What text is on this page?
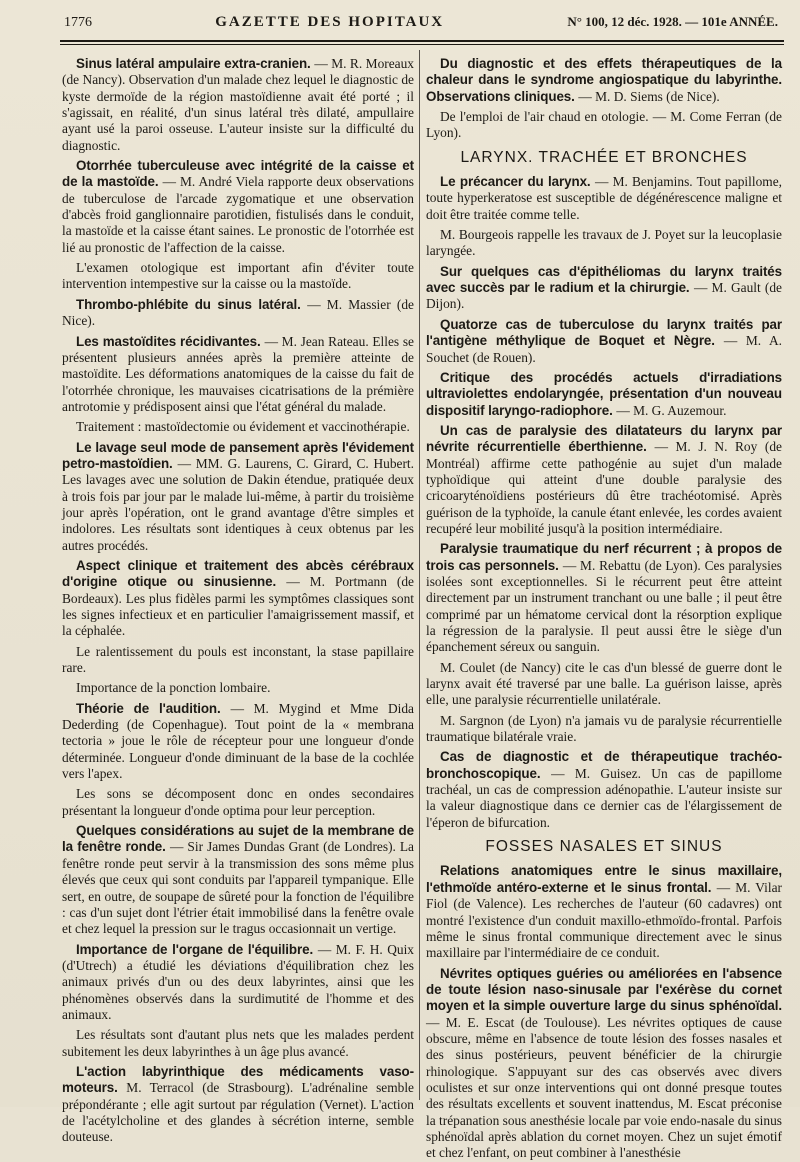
1776	GAZETTE DES HOPITAUX	N° 100, 12 déc. 1928. — 101e ANNÉE.

Sinus latéral ampulaire extra-cranien. — M. R. Moreaux (de Nancy). Observation d'un malade chez lequel le diagnostic de kyste dermoïde de la région mastoïdienne avait été porté ; il s'agissait, en réalité, d'un sinus latéral très dilaté, ampullaire ayant usé la paroi osseuse. L'auteur insiste sur la difficulté du diagnostic.

Otorrhée tuberculeuse avec intégrité de la caisse et de la mastoïde. — M. André Viela rapporte deux observations de tuberculose de l'arcade zygomatique et une observation d'abcès froid ganglionnaire parotidien, fistulisés dans le conduit, la mastoïde et la caisse étant saines. Le pronostic de l'otorrhée est lié au pronostic de l'affection de la caisse.

L'examen otologique est important afin d'éviter toute intervention intempestive sur la caisse ou la mastoïde.

Thrombo-phlébite du sinus latéral. — M. Massier (de Nice).

Les mastoïdites récidivantes. — M. Jean Rateau. Elles se présentent plusieurs années après la première atteinte de mastoïdite. Les déformations anatomiques de la caisse du fait de l'otorrhée chronique, les mauvaises cicatrisations de la prémière antrotomie y prédisposent ainsi que l'état général du malade.

Traitement : mastoïdectomie ou évidement et vaccinothérapie.

Le lavage seul mode de pansement après l'évidement petro-mastoïdien. — MM. G. Laurens, C. Girard, C. Hubert. Les lavages avec une solution de Dakin étendue, pratiquée deux à trois fois par jour par le malade lui-même, à partir du troisième jour après l'opération, ont le grand avantage d'être simples et indolores. Les résultats sont identiques à ceux obtenus par les autres procédés.

Aspect clinique et traitement des abcès cérébraux d'origine otique ou sinusienne. — M. Portmann (de Bordeaux). Les plus fidèles parmi les symptômes classiques sont les signes infectieux et en particulier l'amaigrissement massif, et la céphalée.

Le ralentissement du pouls est inconstant, la stase papillaire rare.

Importance de la ponction lombaire.

Théorie de l'audition. — M. Mygind et Mme Dida Dederding (de Copenhague). Tout point de la « membrana tectoria » joue le rôle de récepteur pour une longueur d'onde déterminée. Longueur d'onde diminuant de la base de la cochlée vers l'apex.

Les sons se décomposent donc en ondes secondaires présentant la longueur d'onde optima pour leur perception.

Quelques considérations au sujet de la membrane de la fenêtre ronde. — Sir James Dundas Grant (de Londres). La fenêtre ronde peut servir à la transmission des sons même plus élevés que ceux qui sont conduits par l'appareil tympanique. Elle sert, en outre, de soupape de sûreté pour la fonction de l'équilibre : cas d'un sujet dont l'étrier était immobilisé dans la fenêtre ovale et chez lequel la pression sur le tragus occasionnait un vertige.

Importance de l'organe de l'équilibre. — M. F. H. Quix (d'Utrech) a étudié les déviations d'équilibration chez les animaux privés d'un ou des deux labyrintes, ainsi que les phénomènes observés dans la surdimutité de l'homme et des animaux.

Les résultats sont d'autant plus nets que les malades perdent subitement les deux labyrinthes à un âge plus avancé.

L'action labyrinthique des médicaments vaso-moteurs. M. Terracol (de Strasbourg). L'adrénaline semble prépondérante ; elle agit surtout par régulation (Vernet). L'action de l'acétylcholine et des glandes à sécrétion interne, semble douteuse.

Du diagnostic et des effets thérapeutiques de la chaleur dans le syndrome angiospatique du labyrinthe. Observations cliniques. — M. D. Siems (de Nice).

De l'emploi de l'air chaud en otologie. — M. Come Ferran (de Lyon).

LARYNX. TRACHÉE ET BRONCHES

Le précancer du larynx. — M. Benjamins. Tout papillome, toute hyperkeratose est susceptible de dégénérescence maligne et doit être traitée comme telle.

M. Bourgeois rappelle les travaux de J. Poyet sur la leucoplasie laryngée.

Sur quelques cas d'épithéliomas du larynx traités avec succès par le radium et la chirurgie. — M. Gault (de Dijon).

Quatorze cas de tuberculose du larynx traités par l'antigène méthylique de Boquet et Nègre. — M. A. Souchet (de Rouen).

Critique des procédés actuels d'irradiations ultraviolettes endolaryngée, présentation d'un nouveau dispositif laryngo-radiophore. — M. G. Auzemour.

Un cas de paralysie des dilatateurs du larynx par névrite récurrentielle éberthienne. — M. J. N. Roy (de Montréal) affirme cette pathogénie au sujet d'un malade typhoïdique qui atteint d'une double paralysie des cricoaryténoïdiens postérieurs dû être trachéotomisé. Après guérison de la typhoïde, la canule étant enlevée, les cordes avaient recupéré leur mobilité jusqu'à la position intermédiaire.

Paralysie traumatique du nerf récurrent ; à propos de trois cas personnels. — M. Rebattu (de Lyon). Ces paralysies isolées sont exceptionnelles. Si le récurrent peut être atteint directement par un instrument tranchant ou une balle ; il peut être comprimé par un hématome cervical dont la résorption explique la régression de la paralysie. Il peut aussi être le siège d'un épanchement séreux ou sanguin.

M. Coulet (de Nancy) cite le cas d'un blessé de guerre dont le larynx avait été traversé par une balle. La guérison laisse, après elle, une paralysie récurrentielle unilatérale.

M. Sargnon (de Lyon) n'a jamais vu de paralysie récurrentielle traumatique bilatérale vraie.

Cas de diagnostic et de thérapeutique trachéo-bronchoscopique. — M. Guisez. Un cas de papillome trachéal, un cas de compression adénopathie. L'auteur insiste sur la valeur diagnostique dans ce dernier cas de l'élargissement de l'éperon de bifurcation.

FOSSES NASALES ET SINUS

Relations anatomiques entre le sinus maxillaire, l'ethmoïde antéro-externe et le sinus frontal. — M. Vilar Fiol (de Valence). Les recherches de l'auteur (60 cadavres) ont montré l'existence d'un conduit maxillo-ethmoïdo-frontal. Parfois même le sinus frontal communique directement avec le sinus maxillaire par l'intermédiaire de ce conduit.

Névrites optiques guéries ou améliorées en l'absence de toute lésion naso-sinusale par l'exérèse du cornet moyen et la simple ouverture large du sinus sphénoïdal. — M. E. Escat (de Toulouse). Les névrites optiques de cause obscure, même en l'absence de toute lésion des fosses nasales et des sinus postérieurs, peuvent bénéficier de la chirurgie rhinologique. S'appuyant sur des cas observés avec divers oculistes et sur onze interventions qui ont donné presque toutes des résultats excellents et souvent inattendus, M. Escat préconise la trépanation sous anesthésie locale par voie endo-nasale du sinus sphénoïdal après ablation du cornet moyen. Chez un sujet émotif et chez l'enfant, on peut combiner à l'anesthésie
